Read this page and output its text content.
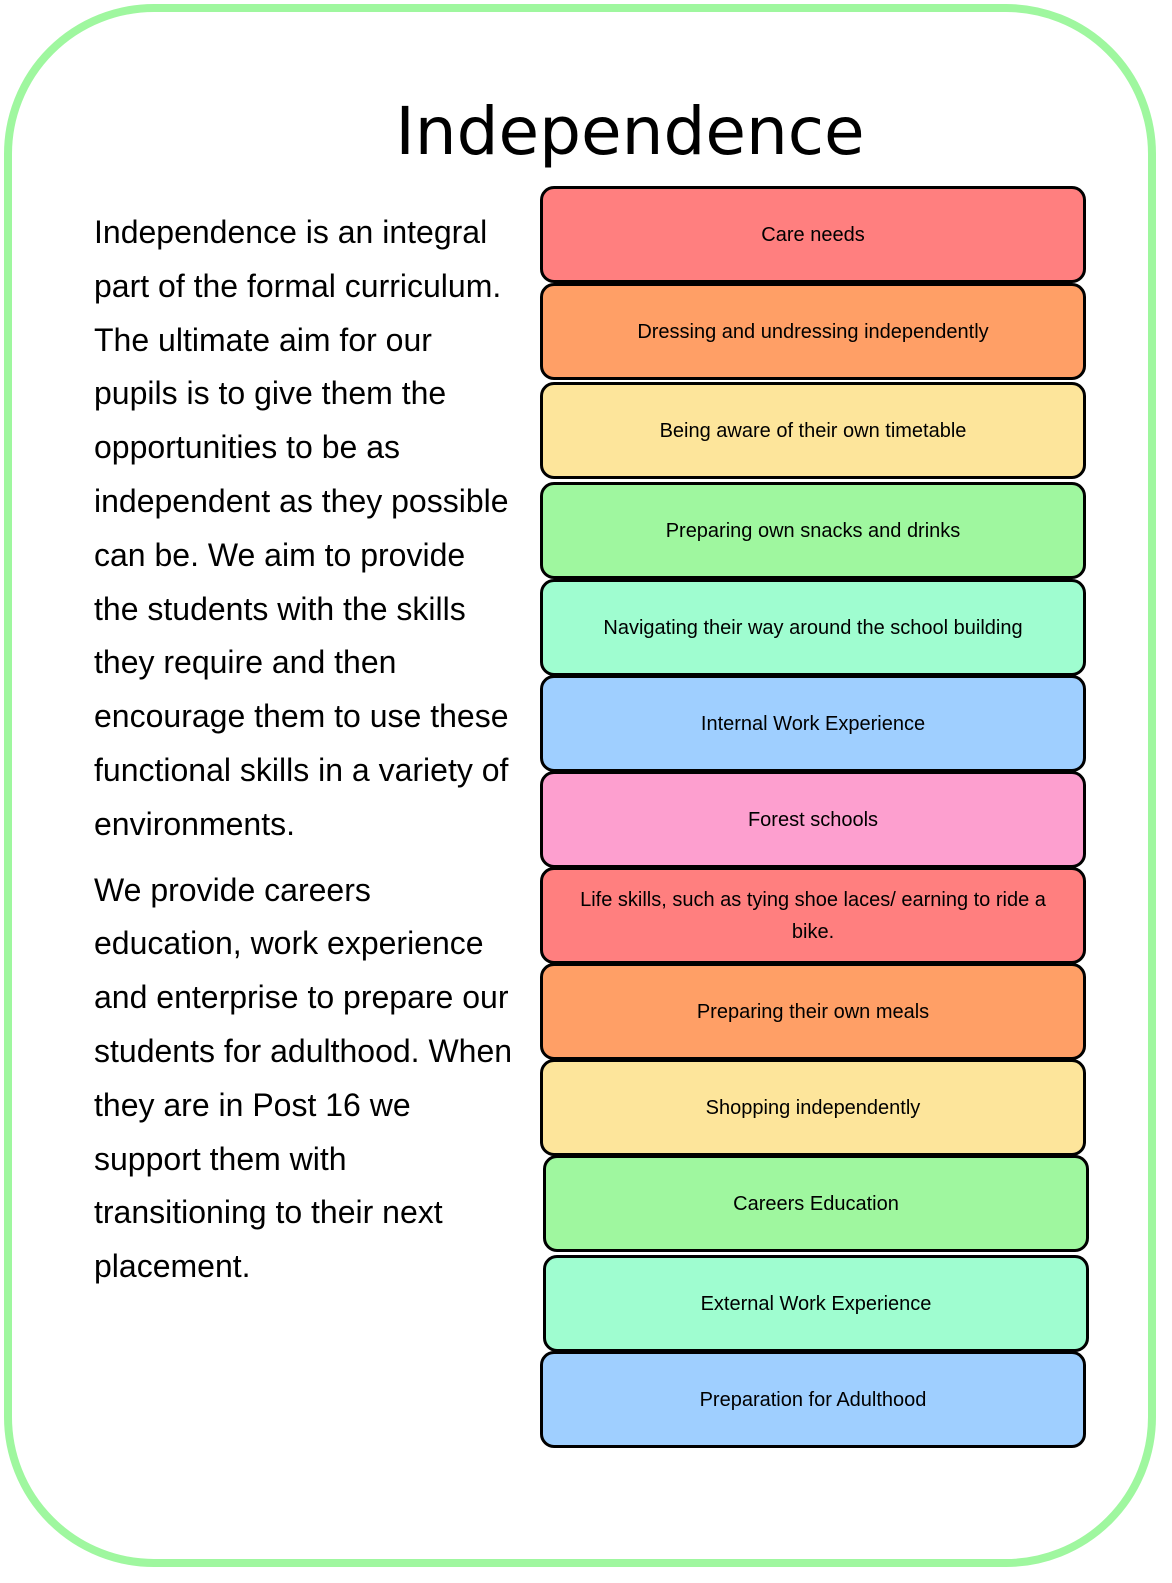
Independence

Independence is an integral part of the formal curriculum. The ultimate aim for our pupils is to give them the opportunities to be as independent as they possible can be. We aim to provide the students with the skills they require and then encourage them to use these functional skills in a variety of environments.

We provide careers education, work experience and enterprise to prepare our students for adulthood. When they are in Post 16 we support them with transitioning to their next placement.

Care needs
Dressing and undressing independently
Being aware of their own timetable
Preparing own snacks and drinks
Navigating their way around the school building
Internal Work Experience
Forest schools
Life skills, such as tying shoe laces/ earning to ride a bike.
Preparing their own meals
Shopping independently
Careers Education
External Work Experience
Preparation for Adulthood
